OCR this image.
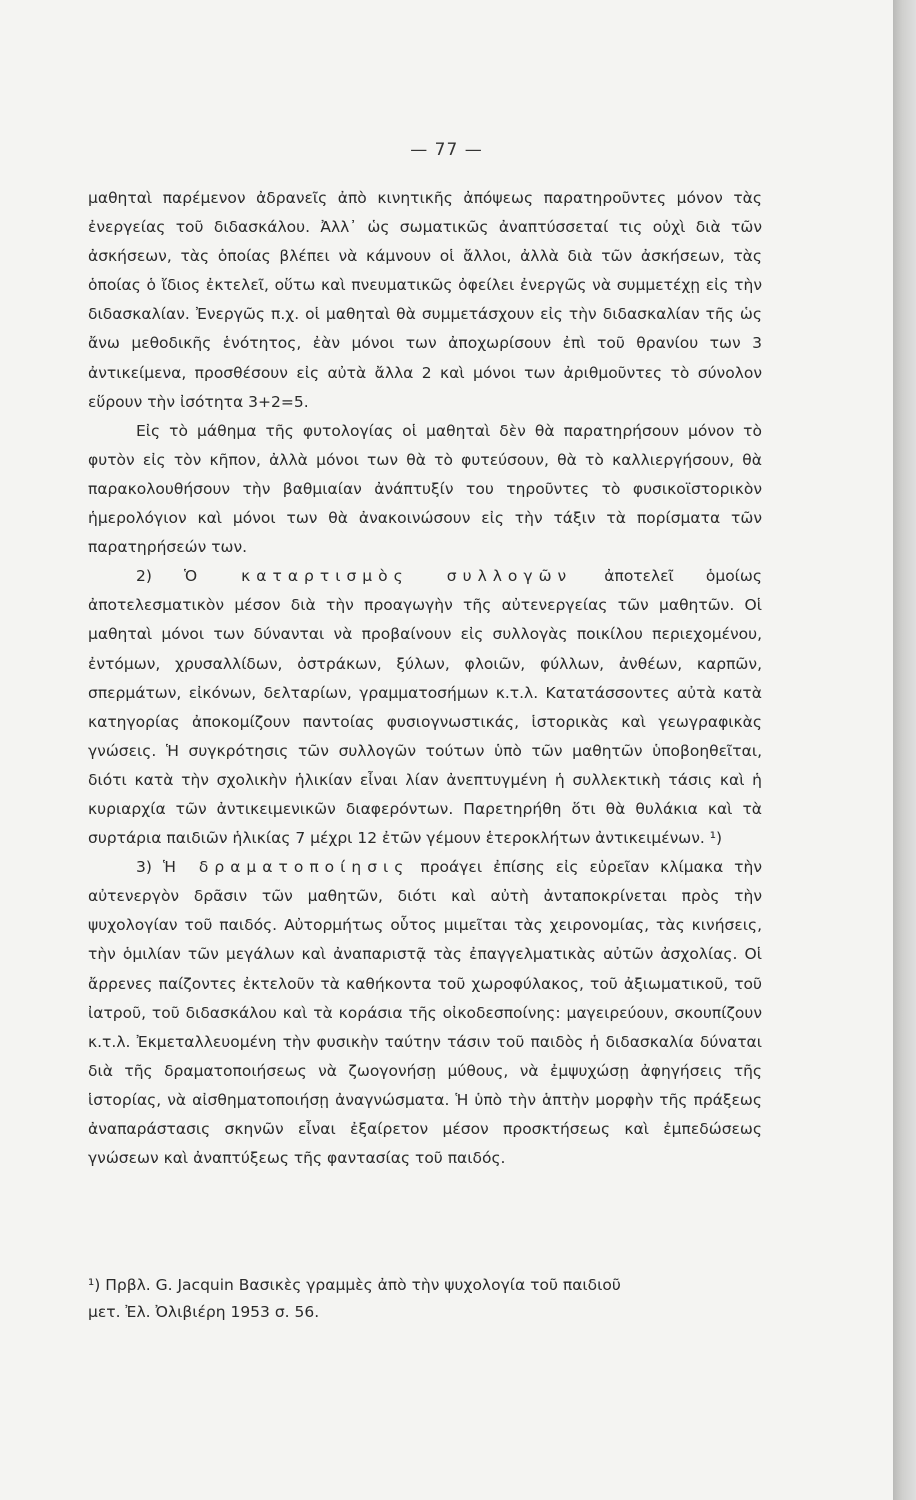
— 77 —

μαθηταὶ παρέμενον ἀδρανεῖς ἀπὸ κινητικῆς ἀπόψεως παρατηροῦντες μόνον τὰς ἐνεργείας τοῦ διδασκάλου. Ἀλλ᾽ ὡς σωματικῶς ἀναπτύσσεταί τις οὐχὶ διὰ τῶν ἀσκήσεων, τὰς ὁποίας βλέπει νὰ κάμνουν οἱ ἄλλοι, ἀλλὰ διὰ τῶν ἀσκήσεων, τὰς ὁποίας ὁ ἴδιος ἐκτελεῖ, οὕτω καὶ πνευματικῶς ὀφείλει ἐνεργῶς νὰ συμμετέχῃ εἰς τὴν διδασκαλίαν. Ἐνεργῶς π.χ. οἱ μαθηταὶ θὰ συμμετάσχουν εἰς τὴν διδασκαλίαν τῆς ὡς ἄνω μεθοδικῆς ἑνότητος, ἐὰν μόνοι των ἀποχωρίσουν ἐπὶ τοῦ θρανίου των 3 ἀντικείμενα, προσθέσουν εἰς αὐτὰ ἄλλα 2 καὶ μόνοι των ἀριθμοῦντες τὸ σύνολον εὕρουν τὴν ἰσότητα 3+2=5.

Εἰς τὸ μάθημα τῆς φυτολογίας οἱ μαθηταὶ δὲν θὰ παρατηρήσουν μόνον τὸ φυτὸν εἰς τὸν κῆπον, ἀλλὰ μόνοι των θὰ τὸ φυτεύσουν, θὰ τὸ καλλιεργήσουν, θὰ παρακολουθήσουν τὴν βαθμιαίαν ἀνάπτυξίν του τηροῦντες τὸ φυσικοϊστορικὸν ἡμερολόγιον καὶ μόνοι των θὰ ἀνακοινώσουν εἰς τὴν τάξιν τὰ πορίσματα τῶν παρατηρήσεών των.

2) Ὁ καταρτισμὸς συλλογῶν ἀποτελεῖ ὁμοίως ἀποτελεσματικὸν μέσον διὰ τὴν προαγωγὴν τῆς αὐτενεργείας τῶν μαθητῶν. Οἱ μαθηταὶ μόνοι των δύνανται νὰ προβαίνουν εἰς συλλογὰς ποικίλου περιεχομένου, ἐντόμων, χρυσαλλίδων, ὀστράκων, ξύλων, φλοιῶν, φύλλων, ἀνθέων, καρπῶν, σπερμάτων, εἰκόνων, δελταρίων, γραμματοσήμων κ.τ.λ. Κατατάσσοντες αὐτὰ κατὰ κατηγορίας ἀποκομίζουν παντοίας φυσιογνωστικάς, ἱστορικὰς καὶ γεωγραφικὰς γνώσεις. Ἡ συγκρότησις τῶν συλλογῶν τούτων ὑπὸ τῶν μαθητῶν ὑποβοηθεῖται, διότι κατὰ τὴν σχολικὴν ἡλικίαν εἶναι λίαν ἀνεπτυγμένη ἡ συλλεκτικὴ τάσις καὶ ἡ κυριαρχία τῶν ἀντικειμενικῶν διαφερόντων. Παρετηρήθη ὅτι θὰ θυλάκια καὶ τὰ συρτάρια παιδιῶν ἡλικίας 7 μέχρι 12 ἐτῶν γέμουν ἑτεροκλήτων ἀντικειμένων. ¹)

3) Ἡ δραματοποίησις προάγει ἐπίσης εἰς εὐρεῖαν κλίμακα τὴν αὐτενεργὸν δρᾶσιν τῶν μαθητῶν, διότι καὶ αὐτὴ ἀνταποκρίνεται πρὸς τὴν ψυχολογίαν τοῦ παιδός. Αὐτορμήτως οὗτος μιμεῖται τὰς χειρονομίας, τὰς κινήσεις, τὴν ὁμιλίαν τῶν μεγάλων καὶ ἀναπαριστᾷ τὰς ἐπαγγελματικὰς αὐτῶν ἀσχολίας. Οἱ ἄρρενες παίζοντες ἐκτελοῦν τὰ καθήκοντα τοῦ χωροφύλακος, τοῦ ἀξιωματικοῦ, τοῦ ἰατροῦ, τοῦ διδασκάλου καὶ τὰ κοράσια τῆς οἰκοδεσποίνης: μαγειρεύουν, σκουπίζουν κ.τ.λ. Ἐκμεταλλευομένη τὴν φυσικὴν ταύτην τάσιν τοῦ παιδὸς ἡ διδασκαλία δύναται διὰ τῆς δραματοποιήσεως νὰ ζωογονήσῃ μύθους, νὰ ἐμψυχώσῃ ἀφηγήσεις τῆς ἱστορίας, νὰ αἰσθηματοποιήσῃ ἀναγνώσματα. Ἡ ὑπὸ τὴν ἁπτὴν μορφὴν τῆς πράξεως ἀναπαράστασις σκηνῶν εἶναι ἐξαίρετον μέσον προσκτήσεως καὶ ἐμπεδώσεως γνώσεων καὶ ἀναπτύξεως τῆς φαντασίας τοῦ παιδός.

¹) Πρβλ. G. Jacquin Βασικὲς γραμμὲς ἀπὸ τὴν ψυχολογία τοῦ παιδιοῦ

μετ. Ἐλ. Ὀλιβιέρη 1953 σ. 56.
